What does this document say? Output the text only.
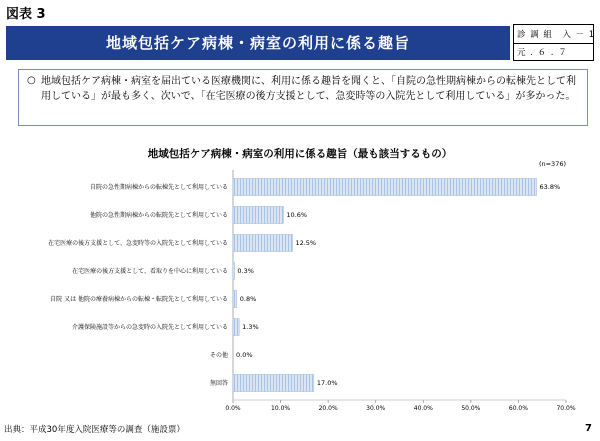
図表 3
地域包括ケア病棟・病室の利用に係る趣旨	診 調 組　入 － 1
元 . ６ . ７
○ 地域包括ケア病棟・病室を届出ている医療機関に、利用に係る趣旨を聞くと、「自院の急性期病棟からの転棟先として利用している」が最も多く、次いで、「在宅医療の後方支援として、急変時等の入院先として利用している」が多かった。
地域包括ケア病棟・病室の利用に係る趣旨（最も該当するもの）
(n=376)
0.0%	10.0%	20.0%	30.0%	40.0%	50.0%	60.0%	70.0%
自院の急性期病棟からの転棟先として利用している	63.8%
他院の急性期病棟からの転院先として利用している	10.6%
在宅医療の後方支援として、急変時等の入院先として利用している	12.5%
在宅医療の後方支援として、看取りを中心に利用している 0.3%
自院 又は 他院の療養病棟からの転棟・転院先として利用している 0.8%
介護保険施設等からの急変時の入院先として利用している 1.3%
その他 0.0%
無回答	17.0%
出典：平成30年度入院医療等の調査（施設票）	7
